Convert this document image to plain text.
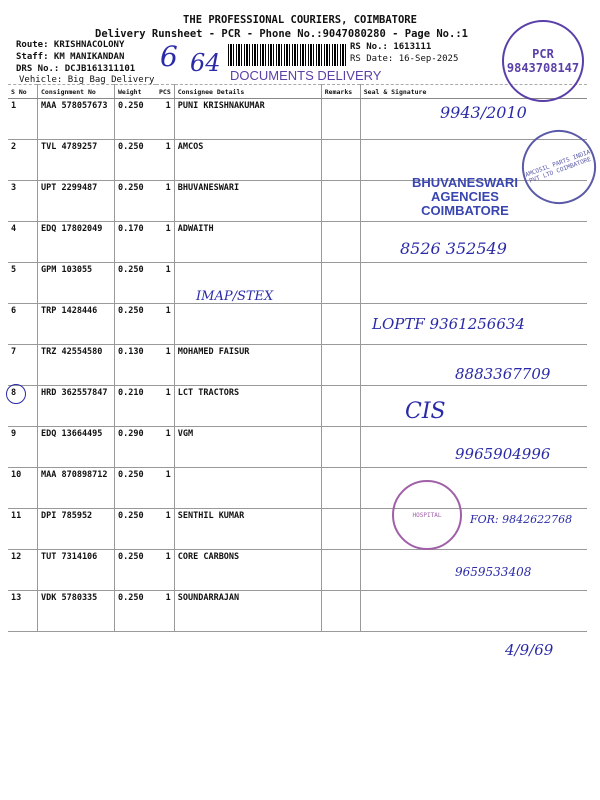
THE PROFESSIONAL COURIERS, COIMBATORE
Delivery Runsheet - PCR - Phone No.:9047080280 - Page No.:1
Route: KRISHNACOLONY
Staff: KM MANIKANDAN
DRS No.: DCJB161311101
Vehicle: Big Bag Delivery
RS No.: 1613111
RS Date: 16-Sep-2025
S No	Consignment No	Weight	PCS	Consignee Details	Remarks	Seal & Signature
1	MAA 578057673	0.250	1	PUNI KRISHNAKUMAR		
2	TVL 4789257	0.250	1	AMCOS		
3	UPT 2299487	0.250	1	BHUVANESWARI		
4	EDQ 17802049	0.170	1	ADWAITH		
5	GPM 103055	0.250	1			
6	TRP 1428446	0.250	1			
7	TRZ 42554580	0.130	1	MOHAMED FAISUR		
8	HRD 362557847	0.210	1	LCT TRACTORS		
9	EDQ 13664495	0.290	1	VGM		
10	MAA 870898712	0.250	1			
11	DPI 785952	0.250	1	SENTHIL KUMAR		
12	TUT 7314106	0.250	1	CORE CARBONS		
13	VDK 5780335	0.250	1	SOUNDARRAJAN		
6 64	PCR 9843708147
DOCUMENTS DELIVERY
AMCOSIL PARTS INDIA PVT LTD COIMBATORE
BHUVANESWARI
AGENCIES
COIMBATORE
HOSPITAL
9943/2010
8526 352549
IMAP/STEX
LOPTF 9361256634
8883367709
CIS
9965904996
FOR: 9842622768
9659533408
4/9/69
